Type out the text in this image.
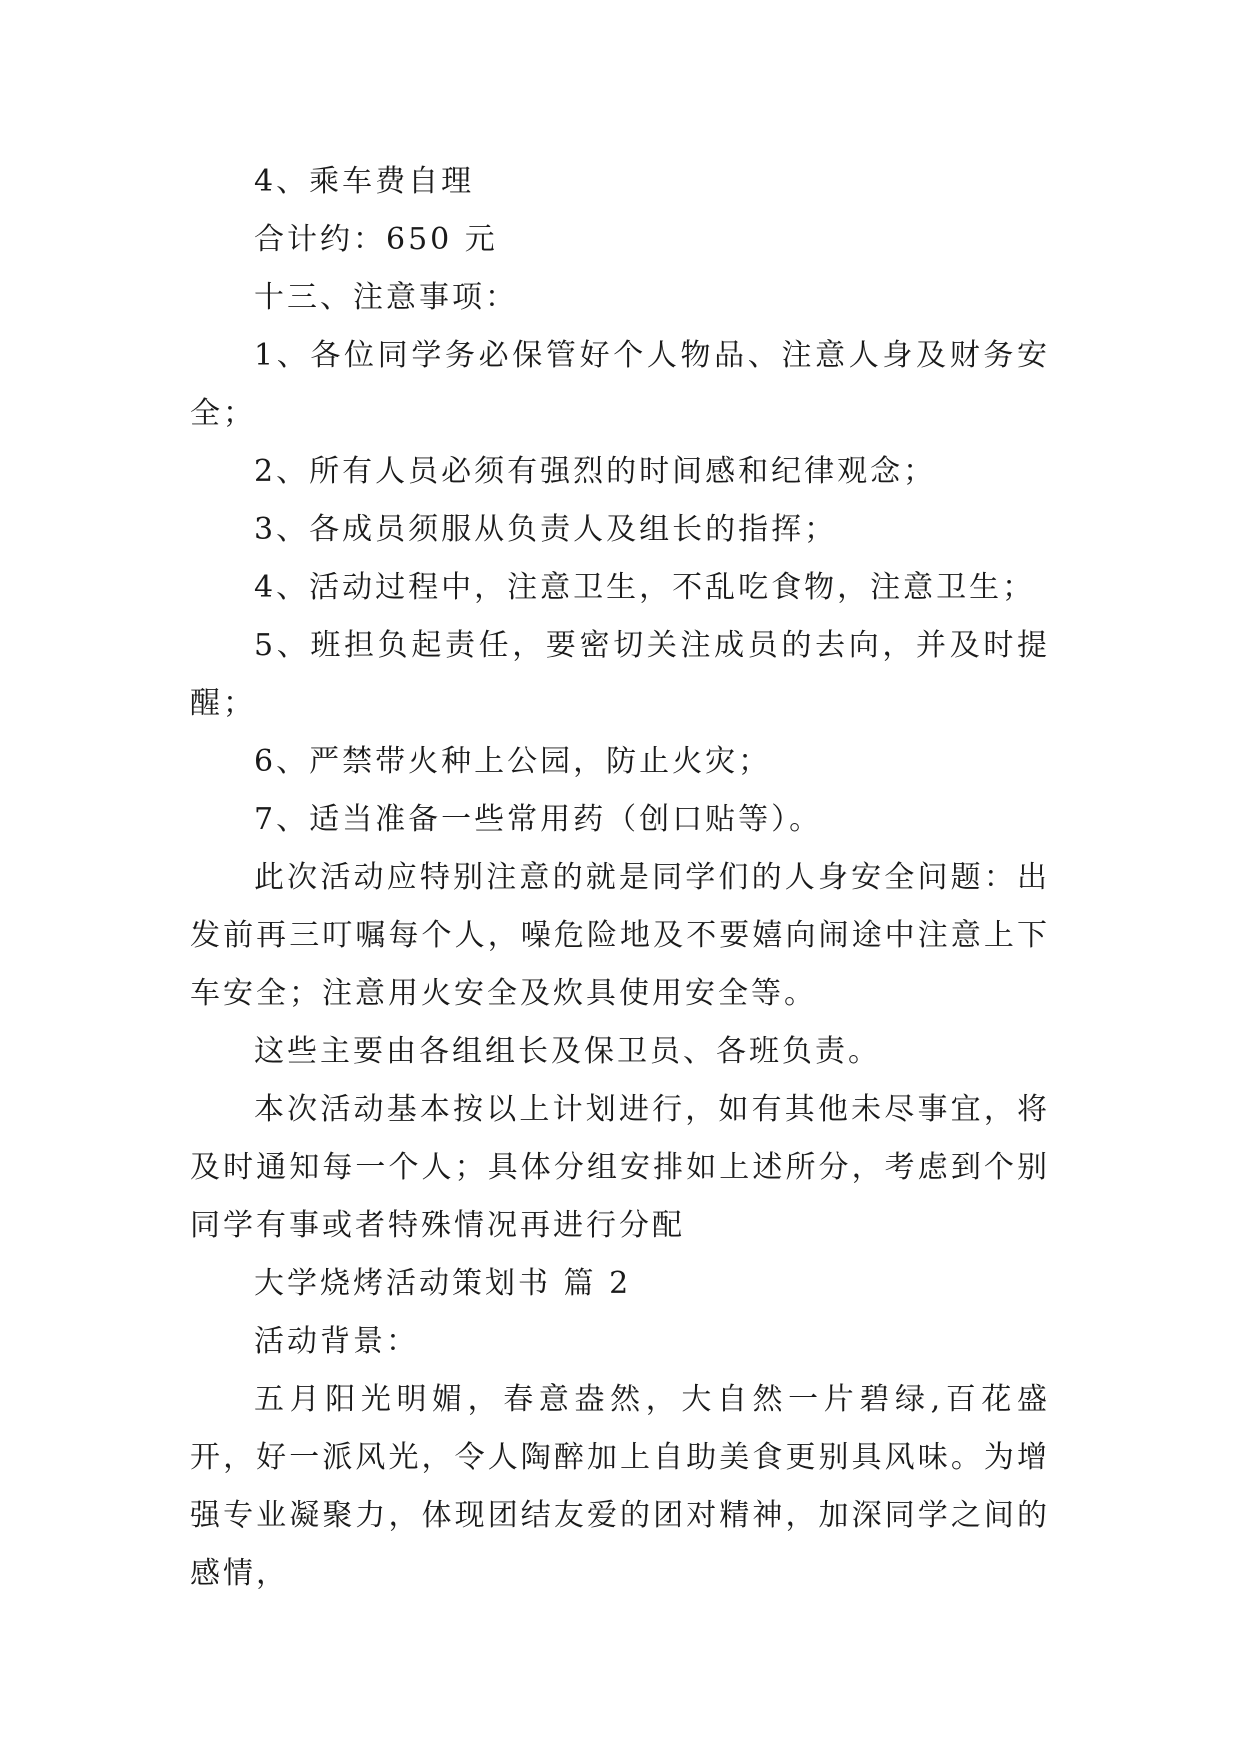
4、乘车费自理

合计约：650 元

十三、注意事项：

1、各位同学务必保管好个人物品、注意人身及财务安全；

2、所有人员必须有强烈的时间感和纪律观念；

3、各成员须服从负责人及组长的指挥；

4、活动过程中，注意卫生，不乱吃食物，注意卫生；

5、班担负起责任，要密切关注成员的去向，并及时提醒；

6、严禁带火种上公园，防止火灾；

7、适当准备一些常用药（创口贴等）。

此次活动应特别注意的就是同学们的人身安全问题：出发前再三叮嘱每个人，噪危险地及不要嬉向闹途中注意上下车安全；注意用火安全及炊具使用安全等。

这些主要由各组组长及保卫员、各班负责。

本次活动基本按以上计划进行，如有其他未尽事宜，将及时通知每一个人；具体分组安排如上述所分，考虑到个别同学有事或者特殊情况再进行分配

大学烧烤活动策划书 篇 2

活动背景：

五月阳光明媚，春意盎然，大自然一片碧绿,百花盛开，好一派风光，令人陶醉加上自助美食更别具风味。为增强专业凝聚力，体现团结友爱的团对精神，加深同学之间的感情，
